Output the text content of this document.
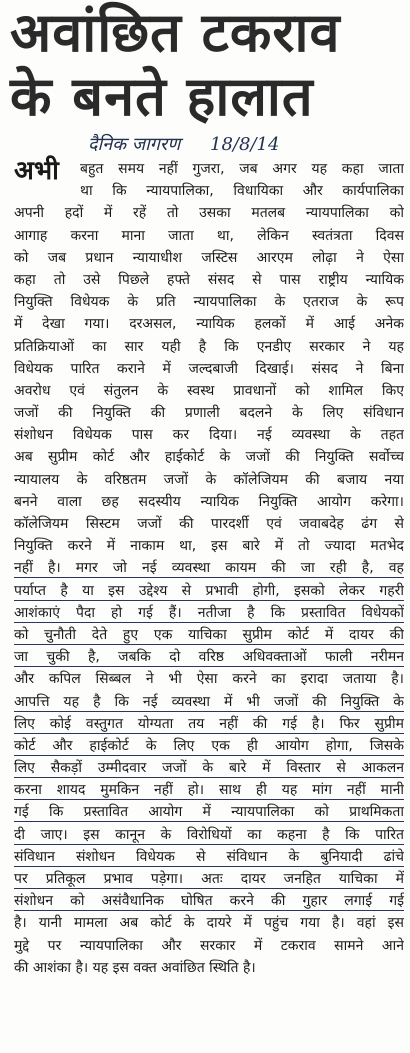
अवांछित टकराव
के बनते हालात
दैनिक जागरण 18/8/14
अभी	बहुत समय नहीं गुजरा, जब अगर यह कहा जाता
था कि न्यायपालिका, विधायिका और कार्यपालिका
अपनी हदों में रहें तो उसका मतलब न्यायपालिका को
आगाह करना माना जाता था, लेकिन स्वतंत्रता दिवस
को जब प्रधान न्यायाधीश जस्टिस आरएम लोढ़ा ने ऐसा
कहा तो उसे पिछले हफ्ते संसद से पास राष्ट्रीय न्यायिक
नियुक्ति विधेयक के प्रति न्यायपालिका के एतराज के रूप
में देखा गया। दरअसल, न्यायिक हलकों में आई अनेक
प्रतिक्रियाओं का सार यही है कि एनडीए सरकार ने यह
विधेयक पारित कराने में जल्दबाजी दिखाई। संसद ने बिना
अवरोध एवं संतुलन के स्वस्थ प्रावधानों को शामिल किए
जजों की नियुक्ति की प्रणाली बदलने के लिए संविधान
संशोधन विधेयक पास कर दिया। नई व्यवस्था के तहत
अब सुप्रीम कोर्ट और हाईकोर्ट के जजों की नियुक्ति सर्वोच्च
न्यायालय के वरिष्ठतम जजों के कॉलेजियम की बजाय नया
बनने वाला छह सदस्यीय न्यायिक नियुक्ति आयोग करेगा।
कॉलेजियम सिस्टम जजों की पारदर्शी एवं जवाबदेह ढंग से
नियुक्ति करने में नाकाम था, इस बारे में तो ज्यादा मतभेद
नहीं है। मगर जो नई व्यवस्था कायम की जा रही है, वह
पर्याप्त है या इस उद्देश्य से प्रभावी होगी, इसको लेकर गहरी
आशंकाएं पैदा हो गई हैं। नतीजा है कि प्रस्तावित विधेयकों
को चुनौती देते हुए एक याचिका सुप्रीम कोर्ट में दायर की
जा चुकी है, जबकि दो वरिष्ठ अधिवक्ताओं फाली नरीमन
और कपिल सिब्बल ने भी ऐसा करने का इरादा जताया है।
आपत्ति यह है कि नई व्यवस्था में भी जजों की नियुक्ति के
लिए कोई वस्तुगत योग्यता तय नहीं की गई है। फिर सुप्रीम
कोर्ट और हाईकोर्ट के लिए एक ही आयोग होगा, जिसके
लिए सैकड़ों उम्मीदवार जजों के बारे में विस्तार से आकलन
करना शायद मुमकिन नहीं हो। साथ ही यह मांग नहीं मानी
गई कि प्रस्तावित आयोग में न्यायपालिका को प्राथमिकता
दी जाए। इस कानून के विरोधियों का कहना है कि पारित
संविधान संशोधन विधेयक से संविधान के बुनियादी ढांचे
पर प्रतिकूल प्रभाव पड़ेगा। अतः दायर जनहित याचिका में
संशोधन को असंवैधानिक घोषित करने की गुहार लगाई गई
है। यानी मामला अब कोर्ट के दायरे में पहुंच गया है। वहां इस
मुद्दे पर न्यायपालिका और सरकार में टकराव सामने आने
की आशंका है। यह इस वक्त अवांछित स्थिति है।
